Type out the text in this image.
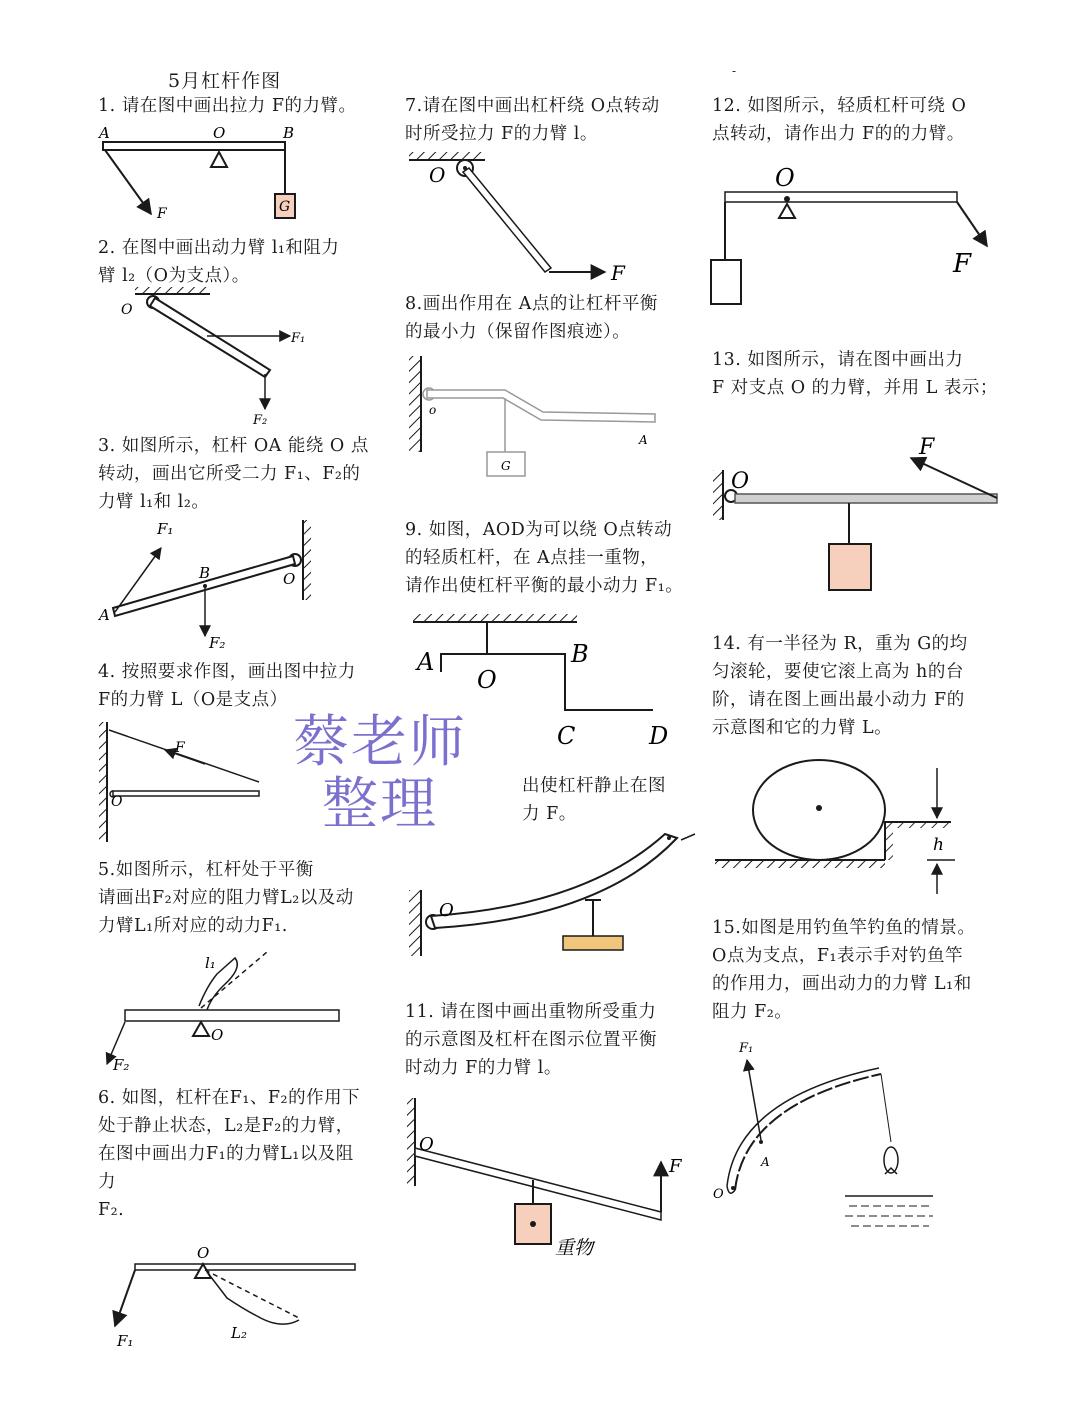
5月杠杆作图	-
1. 请在图中画出拉力 F的力臂。
A	O	B
F	G
2. 在图中画出动力臂 l₁和阻力
臂 l₂（O为支点）。
O
F₁
F₂
3. 如图所示，杠杆 OA 能绕 O 点
转动，画出它所受二力 F₁、F₂的
力臂 l₁和 l₂。
F₁
B	O
A
F₂
4. 按照要求作图，画出图中拉力
F的力臂 L（O是支点）
F
O
5.如图所示，杠杆处于平衡
请画出F₂对应的阻力臂L₂以及动
力臂L₁所对应的动力F₁.
l₁
O
F₂
6. 如图，杠杆在F₁、F₂的作用下
处于静止状态，L₂是F₂的力臂，
在图中画出力F₁的力臂L₁以及阻
力
F₂.
O
F₁	L₂
7.请在图中画出杠杆绕 O点转动
时所受拉力 F的力臂 l。
O
F
8.画出作用在 A点的让杠杆平衡
的最小力（保留作图痕迹）。
o
A
G
9. 如图，AOD为可以绕 O点转动
的轻质杠杆，在 A点挂一重物，
请作出使杠杆平衡的最小动力 F₁。
A
O
B
C	D
出使杠杆静止在图
力 F。
O
11. 请在图中画出重物所受重力
的示意图及杠杆在图示位置平衡
时动力 F的力臂 l。
O
F
重物
12. 如图所示，轻质杠杆可绕 O
点转动，请作出力 F的的力臂。
O
F
13. 如图所示，请在图中画出力
F 对支点 O 的力臂，并用 L 表示；
O
F
14. 有一半径为 R，重为 G的均
匀滚轮，要使它滚上高为 h的台
阶，请在图上画出最小动力 F的
示意图和它的力臂 L。
h
15.如图是用钓鱼竿钓鱼的情景。
O点为支点，F₁表示手对钓鱼竿
的作用力，画出动力的力臂 L₁和
阻力 F₂。
F₁
A
O
蔡老师
整理
